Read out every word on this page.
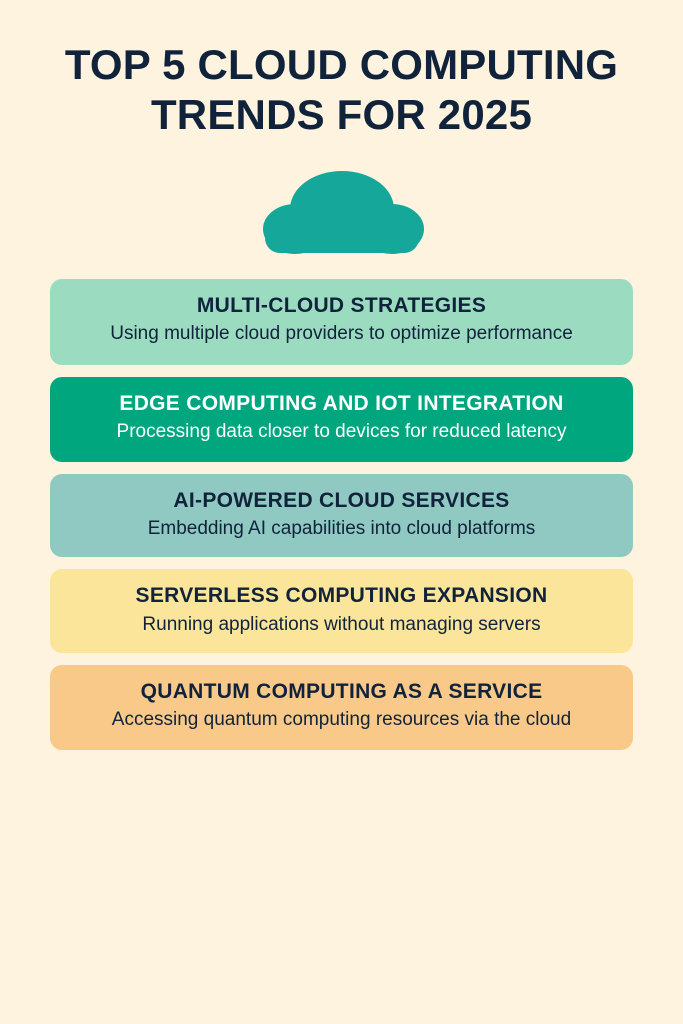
TOP 5 CLOUD COMPUTING TRENDS FOR 2025
MULTI-CLOUD STRATEGIES
Using multiple cloud providers to optimize performance
EDGE COMPUTING AND IOT INTEGRATION
Processing data closer to devices for reduced latency
AI-POWERED CLOUD SERVICES
Embedding AI capabilities into cloud platforms
SERVERLESS COMPUTING EXPANSION
Running applications without managing servers
QUANTUM COMPUTING AS A SERVICE
Accessing quantum computing resources via the cloud
